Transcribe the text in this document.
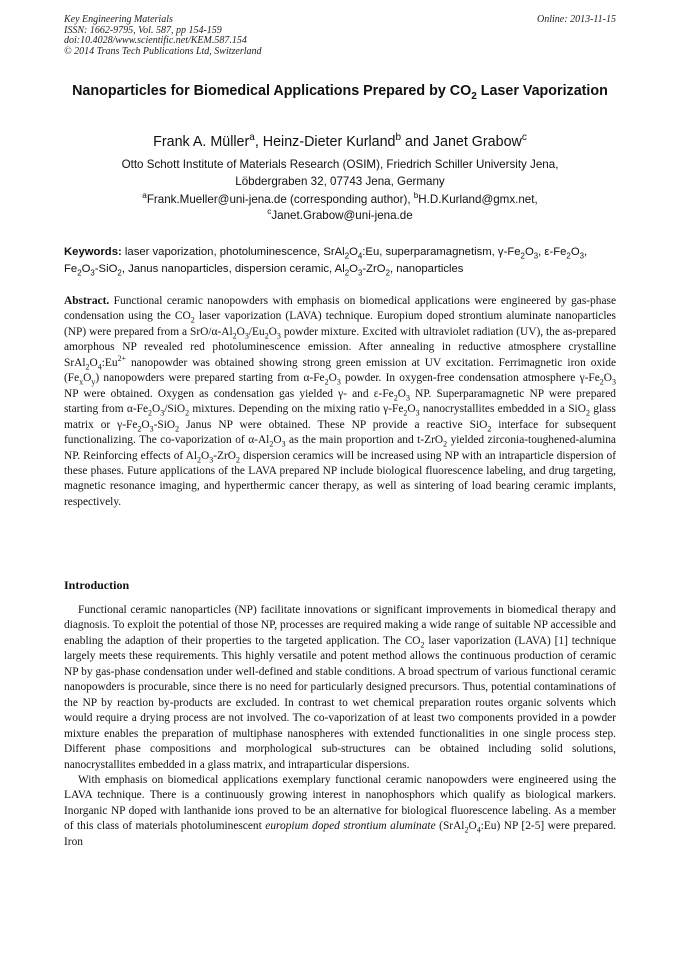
Key Engineering Materials
ISSN: 1662-9795, Vol. 587, pp 154-159
doi:10.4028/www.scientific.net/KEM.587.154
© 2014 Trans Tech Publications Ltd, Switzerland
Online: 2013-11-15
Nanoparticles for Biomedical Applications Prepared by $CO_2$ Laser Vaporization
Frank A. Müller$^a$, Heinz-Dieter Kurland$^b$ and Janet Grabow$^c$
Otto Schott Institute of Materials Research (OSIM), Friedrich Schiller University Jena,
Löbdergraben 32, 07743 Jena, Germany
$^a$Frank.Mueller@uni-jena.de (corresponding author), $^b$H.D.Kurland@gmx.net,
$^c$Janet.Grabow@uni-jena.de
Keywords: laser vaporization, photoluminescence, $SrAl_2O_4:Eu$, superparamagnetism, $\gamma-Fe_2O_3$, $\varepsilon-Fe_2O_3$, $Fe_2O_3-SiO_2$, Janus nanoparticles, dispersion ceramic, $Al_2O_3-ZrO_2$, nanoparticles
Abstract. Functional ceramic nanopowders with emphasis on biomedical applications were engineered by gas-phase condensation using the $CO_2$ laser vaporization (LAVA) technique. Europium doped strontium aluminate nanoparticles (NP) were prepared from a SrO/$\alpha-Al_2O_3/Eu_2O_3$ powder mixture. Excited with ultraviolet radiation (UV), the as-prepared amorphous NP revealed red photoluminescence emission. After annealing in reductive atmosphere crystalline $SrAl_2O_4:Eu^{2+}$ nanopowder was obtained showing strong green emission at UV excitation. Ferrimagnetic iron oxide $(Fe_xO_y)$ nanopowders were prepared starting from $\alpha-Fe_2O_3$ powder. In oxygen-free condensation atmosphere $\gamma-Fe_2O_3$ NP were obtained. Oxygen as condensation gas yielded γ- and $\varepsilon-Fe_2O_3$ NP. Superparamagnetic NP were prepared starting from $\alpha-Fe_2O_3/SiO_2$ mixtures. Depending on the mixing ratio $\gamma-Fe_2O_3$ nanocrystallites embedded in a SiO$_2$ glass matrix or $\gamma-Fe_2O_3-SiO_2$ Janus NP were obtained. These NP provide a reactive SiO$_2$ interface for subsequent functionalizing. The co-vaporization of $\alpha-Al_2O_3$ as the main proportion and t-ZrO$_2$ yielded zirconia-toughened-alumina NP. Reinforcing effects of $Al_2O_3-ZrO_2$ dispersion ceramics will be increased using NP with an intraparticle dispersion of these phases. Future applications of the LAVA prepared NP include biological fluorescence labeling, and drug targeting, magnetic resonance imaging, and hyperthermic cancer therapy, as well as sintering of load bearing ceramic implants, respectively.
Introduction

Functional ceramic nanoparticles (NP) facilitate innovations or significant improvements in biomedical therapy and diagnosis. To exploit the potential of those NP, processes are required making a wide range of suitable NP accessible and enabling the adaption of their properties to the targeted application. The $CO_2$ laser vaporization (LAVA) [1] technique largely meets these requirements. This highly versatile and potent method allows the continuous production of ceramic NP by gas-phase condensation under well-defined and stable conditions. A broad spectrum of various functional ceramic nanopowders is procurable, since there is no need for particularly designed precursors. Thus, potential contaminations of the NP by reaction by-products are excluded. In contrast to wet chemical preparation routes organic solvents which would require a drying process are not involved. The co-vaporization of at least two components provided in a powder mixture enables the preparation of multiphase nanospheres with extended functionalities in one single process step. Different phase compositions and morphological sub-structures can be obtained including solid solutions, nanocrystallites embedded in a glass matrix, and intraparticular dispersions.

With emphasis on biomedical applications exemplary functional ceramic nanopowders were engineered using the LAVA technique. There is a continuously growing interest in nanophosphors which qualify as biological markers. Inorganic NP doped with lanthanide ions proved to be an alternative for biological fluorescence labeling. As a member of this class of materials photoluminescent europium doped strontium aluminate $(SrAl_2O_4:Eu)$ NP [2-5] were prepared. Iron
